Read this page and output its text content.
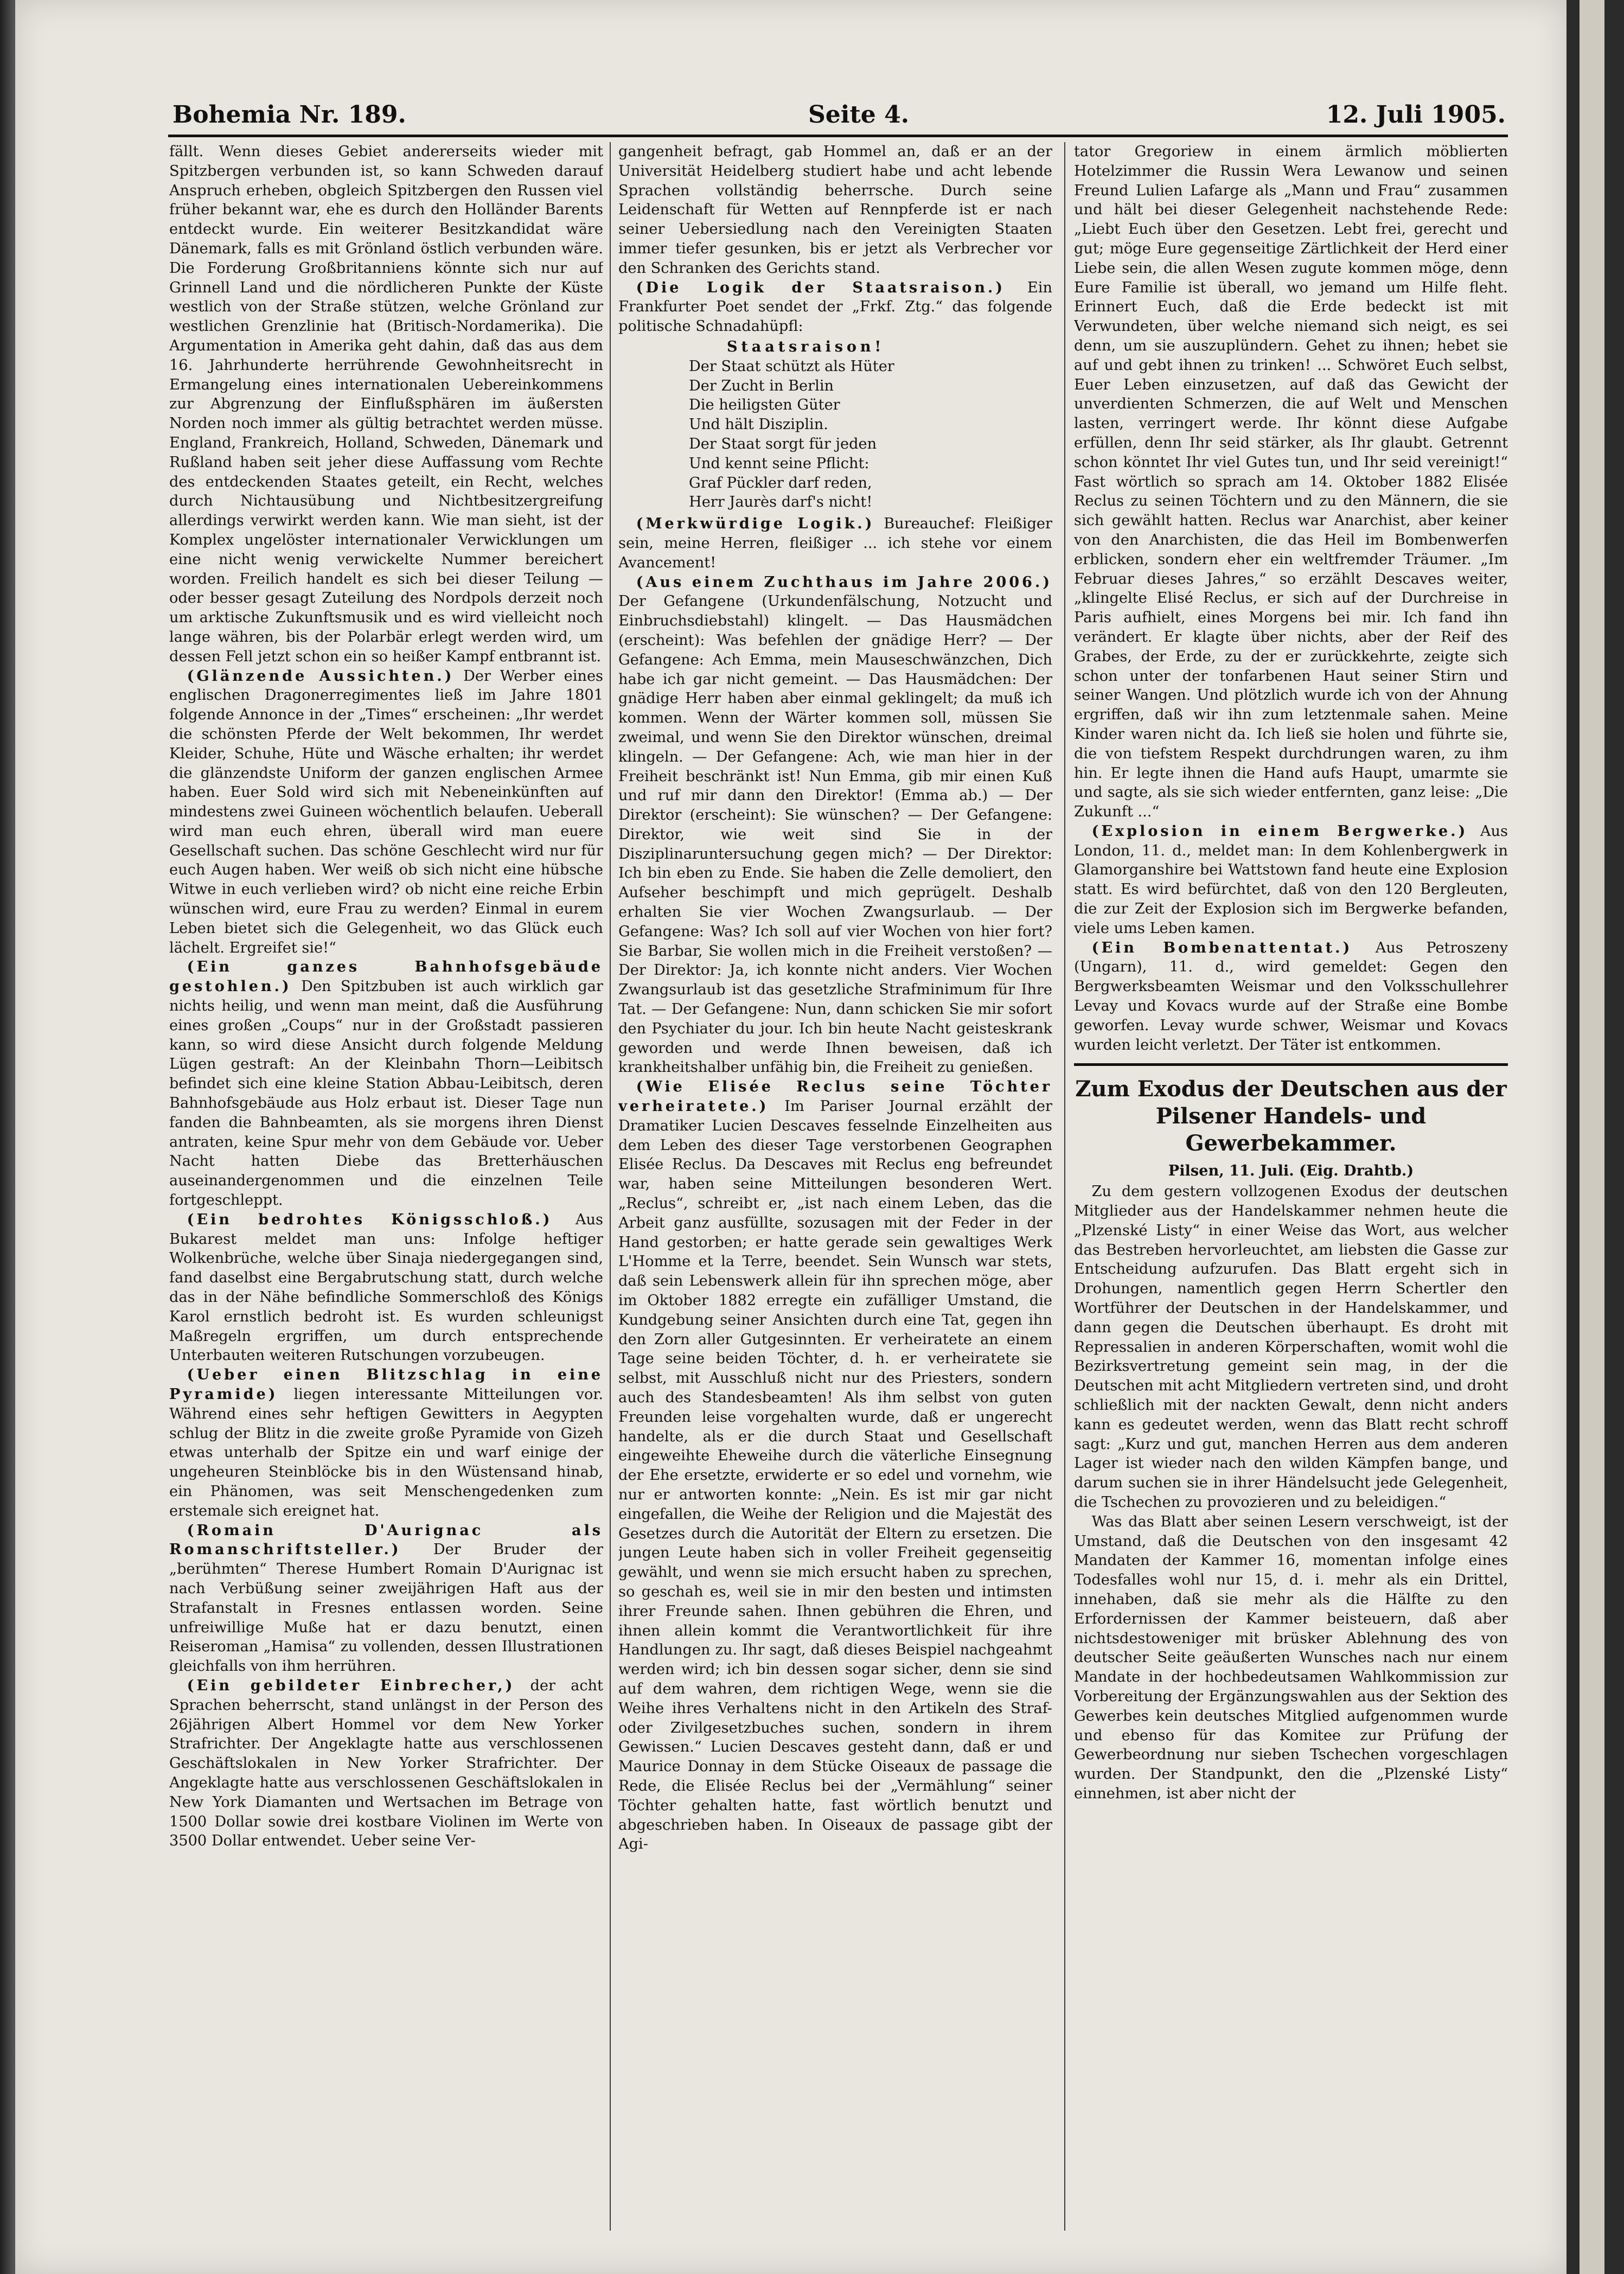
Bohemia Nr. 189.	Seite 4.	12. Juli 1905.

fällt. Wenn dieses Gebiet andererseits wieder mit Spitzbergen verbunden ist, so kann Schweden darauf Anspruch erheben, obgleich Spitzbergen den Russen viel früher bekannt war, ehe es durch den Holländer Barents entdeckt wurde. Ein weiterer Besitzkandidat wäre Dänemark, falls es mit Grönland östlich verbunden wäre. Die Forderung Großbritanniens könnte sich nur auf Grinnell Land und die nördlicheren Punkte der Küste westlich von der Straße stützen, welche Grönland zur westlichen Grenzlinie hat (Britisch-Nordamerika). Die Argumentation in Amerika geht dahin, daß das aus dem 16. Jahrhunderte herrührende Gewohnheitsrecht in Ermangelung eines internationalen Uebereinkommens zur Abgrenzung der Einflußsphären im äußersten Norden noch immer als gültig betrachtet werden müsse. England, Frankreich, Holland, Schweden, Dänemark und Rußland haben seit jeher diese Auffassung vom Rechte des entdeckenden Staates geteilt, ein Recht, welches durch Nichtausübung und Nichtbesitzergreifung allerdings verwirkt werden kann. Wie man sieht, ist der Komplex ungelöster internationaler Verwicklungen um eine nicht wenig verwickelte Nummer bereichert worden. Freilich handelt es sich bei dieser Teilung — oder besser gesagt Zuteilung des Nordpols derzeit noch um arktische Zukunftsmusik und es wird vielleicht noch lange währen, bis der Polarbär erlegt werden wird, um dessen Fell jetzt schon ein so heißer Kampf entbrannt ist.

(Glänzende Aussichten.) Der Werber eines englischen Dragonerregimentes ließ im Jahre 1801 folgende Annonce in der „Times“ erscheinen: „Ihr werdet die schönsten Pferde der Welt bekommen, Ihr werdet Kleider, Schuhe, Hüte und Wäsche erhalten; ihr werdet die glänzendste Uniform der ganzen englischen Armee haben. Euer Sold wird sich mit Nebeneinkünften auf mindestens zwei Guineen wöchentlich belaufen. Ueberall wird man euch ehren, überall wird man euere Gesellschaft suchen. Das schöne Geschlecht wird nur für euch Augen haben. Wer weiß ob sich nicht eine hübsche Witwe in euch verlieben wird? ob nicht eine reiche Erbin wünschen wird, eure Frau zu werden? Einmal in eurem Leben bietet sich die Gelegenheit, wo das Glück euch lächelt. Ergreifet sie!“

(Ein ganzes Bahnhofsgebäude gestohlen.) Den Spitzbuben ist auch wirklich gar nichts heilig, und wenn man meint, daß die Ausführung eines großen „Coups“ nur in der Großstadt passieren kann, so wird diese Ansicht durch folgende Meldung Lügen gestraft: An der Kleinbahn Thorn—Leibitsch befindet sich eine kleine Station Abbau-Leibitsch, deren Bahnhofsgebäude aus Holz erbaut ist. Dieser Tage nun fanden die Bahnbeamten, als sie morgens ihren Dienst antraten, keine Spur mehr von dem Gebäude vor. Ueber Nacht hatten Diebe das Bretterhäuschen auseinandergenommen und die einzelnen Teile fortgeschleppt.

(Ein bedrohtes Königsschloß.) Aus Bukarest meldet man uns: Infolge heftiger Wolkenbrüche, welche über Sinaja niedergegangen sind, fand daselbst eine Bergabrutschung statt, durch welche das in der Nähe befindliche Sommerschloß des Königs Karol ernstlich bedroht ist. Es wurden schleunigst Maßregeln ergriffen, um durch entsprechende Unterbauten weiteren Rutschungen vorzubeugen.

(Ueber einen Blitzschlag in eine Pyramide) liegen interessante Mitteilungen vor. Während eines sehr heftigen Gewitters in Aegypten schlug der Blitz in die zweite große Pyramide von Gizeh etwas unterhalb der Spitze ein und warf einige der ungeheuren Steinblöcke bis in den Wüstensand hinab, ein Phänomen, was seit Menschengedenken zum erstemale sich ereignet hat.

(Romain D'Aurignac als Romanschriftsteller.) Der Bruder der „berühmten“ Therese Humbert Romain D'Aurignac ist nach Verbüßung seiner zweijährigen Haft aus der Strafanstalt in Fresnes entlassen worden. Seine unfreiwillige Muße hat er dazu benutzt, einen Reiseroman „Hamisa“ zu vollenden, dessen Illustrationen gleichfalls von ihm herrühren.

(Ein gebildeter Einbrecher,) der acht Sprachen beherrscht, stand unlängst in der Person des 26jährigen Albert Hommel vor dem New Yorker Strafrichter. Der Angeklagte hatte aus verschlossenen Geschäftslokalen in New Yorker Strafrichter. Der Angeklagte hatte aus verschlossenen Geschäftslokalen in New York Diamanten und Wertsachen im Betrage von 1500 Dollar sowie drei kostbare Violinen im Werte von 3500 Dollar entwendet. Ueber seine Ver-

gangenheit befragt, gab Hommel an, daß er an der Universität Heidelberg studiert habe und acht lebende Sprachen vollständig beherrsche. Durch seine Leidenschaft für Wetten auf Rennpferde ist er nach seiner Uebersiedlung nach den Vereinigten Staaten immer tiefer gesunken, bis er jetzt als Verbrecher vor den Schranken des Gerichts stand.

(Die Logik der Staatsraison.) Ein Frankfurter Poet sendet der „Frkf. Ztg.“ das folgende politische Schnadahüpfl:

Staatsraison!
Der Staat schützt als Hüter
Der Zucht in Berlin
Die heiligsten Güter
Und hält Disziplin.
Der Staat sorgt für jeden
Und kennt seine Pflicht:
Graf Pückler darf reden,
Herr Jaurès darf's nicht!

(Merkwürdige Logik.) Bureauchef: Fleißiger sein, meine Herren, fleißiger ... ich stehe vor einem Avancement!

(Aus einem Zuchthaus im Jahre 2006.) Der Gefangene (Urkundenfälschung, Notzucht und Einbruchsdiebstahl) klingelt. — Das Hausmädchen (erscheint): Was befehlen der gnädige Herr? — Der Gefangene: Ach Emma, mein Mauseschwänzchen, Dich habe ich gar nicht gemeint. — Das Hausmädchen: Der gnädige Herr haben aber einmal geklingelt; da muß ich kommen. Wenn der Wärter kommen soll, müssen Sie zweimal, und wenn Sie den Direktor wünschen, dreimal klingeln. — Der Gefangene: Ach, wie man hier in der Freiheit beschränkt ist! Nun Emma, gib mir einen Kuß und ruf mir dann den Direktor! (Emma ab.) — Der Direktor (erscheint): Sie wünschen? — Der Gefangene: Direktor, wie weit sind Sie in der Disziplinaruntersuchung gegen mich? — Der Direktor: Ich bin eben zu Ende. Sie haben die Zelle demoliert, den Aufseher beschimpft und mich geprügelt. Deshalb erhalten Sie vier Wochen Zwangsurlaub. — Der Gefangene: Was? Ich soll auf vier Wochen von hier fort? Sie Barbar, Sie wollen mich in die Freiheit verstoßen? — Der Direktor: Ja, ich konnte nicht anders. Vier Wochen Zwangsurlaub ist das gesetzliche Strafminimum für Ihre Tat. — Der Gefangene: Nun, dann schicken Sie mir sofort den Psychiater du jour. Ich bin heute Nacht geisteskrank geworden und werde Ihnen beweisen, daß ich krankheitshalber unfähig bin, die Freiheit zu genießen.

(Wie Elisée Reclus seine Töchter verheiratete.) Im Pariser Journal erzählt der Dramatiker Lucien Descaves fesselnde Einzelheiten aus dem Leben des dieser Tage verstorbenen Geographen Elisée Reclus. Da Descaves mit Reclus eng befreundet war, haben seine Mitteilungen besonderen Wert. „Reclus“, schreibt er, „ist nach einem Leben, das die Arbeit ganz ausfüllte, sozusagen mit der Feder in der Hand gestorben; er hatte gerade sein gewaltiges Werk L'Homme et la Terre, beendet. Sein Wunsch war stets, daß sein Lebenswerk allein für ihn sprechen möge, aber im Oktober 1882 erregte ein zufälliger Umstand, die Kundgebung seiner Ansichten durch eine Tat, gegen ihn den Zorn aller Gutgesinnten. Er verheiratete an einem Tage seine beiden Töchter, d. h. er verheiratete sie selbst, mit Ausschluß nicht nur des Priesters, sondern auch des Standesbeamten! Als ihm selbst von guten Freunden leise vorgehalten wurde, daß er ungerecht handelte, als er die durch Staat und Gesellschaft eingeweihte Eheweihe durch die väterliche Einsegnung der Ehe ersetzte, erwiderte er so edel und vornehm, wie nur er antworten konnte: „Nein. Es ist mir gar nicht eingefallen, die Weihe der Religion und die Majestät des Gesetzes durch die Autorität der Eltern zu ersetzen. Die jungen Leute haben sich in voller Freiheit gegenseitig gewählt, und wenn sie mich ersucht haben zu sprechen, so geschah es, weil sie in mir den besten und intimsten ihrer Freunde sahen. Ihnen gebühren die Ehren, und ihnen allein kommt die Verantwortlichkeit für ihre Handlungen zu. Ihr sagt, daß dieses Beispiel nachgeahmt werden wird; ich bin dessen sogar sicher, denn sie sind auf dem wahren, dem richtigen Wege, wenn sie die Weihe ihres Verhaltens nicht in den Artikeln des Straf- oder Zivilgesetzbuches suchen, sondern in ihrem Gewissen.“ Lucien Descaves gesteht dann, daß er und Maurice Donnay in dem Stücke Oiseaux de passage die Rede, die Elisée Reclus bei der „Vermählung“ seiner Töchter gehalten hatte, fast wörtlich benutzt und abgeschrieben haben. In Oiseaux de passage gibt der Agi-

tator Gregoriew in einem ärmlich möblierten Hotelzimmer die Russin Wera Lewanow und seinen Freund Lulien Lafarge als „Mann und Frau“ zusammen und hält bei dieser Gelegenheit nachstehende Rede: „Liebt Euch über den Gesetzen. Lebt frei, gerecht und gut; möge Eure gegenseitige Zärtlichkeit der Herd einer Liebe sein, die allen Wesen zugute kommen möge, denn Eure Familie ist überall, wo jemand um Hilfe fleht. Erinnert Euch, daß die Erde bedeckt ist mit Verwundeten, über welche niemand sich neigt, es sei denn, um sie auszuplündern. Gehet zu ihnen; hebet sie auf und gebt ihnen zu trinken! ... Schwöret Euch selbst, Euer Leben einzusetzen, auf daß das Gewicht der unverdienten Schmerzen, die auf Welt und Menschen lasten, verringert werde. Ihr könnt diese Aufgabe erfüllen, denn Ihr seid stärker, als Ihr glaubt. Getrennt schon könntet Ihr viel Gutes tun, und Ihr seid vereinigt!“ Fast wörtlich so sprach am 14. Oktober 1882 Elisée Reclus zu seinen Töchtern und zu den Männern, die sie sich gewählt hatten. Reclus war Anarchist, aber keiner von den Anarchisten, die das Heil im Bombenwerfen erblicken, sondern eher ein weltfremder Träumer. „Im Februar dieses Jahres,“ so erzählt Descaves weiter, „klingelte Elisé Reclus, er sich auf der Durchreise in Paris aufhielt, eines Morgens bei mir. Ich fand ihn verändert. Er klagte über nichts, aber der Reif des Grabes, der Erde, zu der er zurückkehrte, zeigte sich schon unter der tonfarbenen Haut seiner Stirn und seiner Wangen. Und plötzlich wurde ich von der Ahnung ergriffen, daß wir ihn zum letztenmale sahen. Meine Kinder waren nicht da. Ich ließ sie holen und führte sie, die von tiefstem Respekt durchdrungen waren, zu ihm hin. Er legte ihnen die Hand aufs Haupt, umarmte sie und sagte, als sie sich wieder entfernten, ganz leise: „Die Zukunft ...“

(Explosion in einem Bergwerke.) Aus London, 11. d., meldet man: In dem Kohlenbergwerk in Glamorganshire bei Wattstown fand heute eine Explosion statt. Es wird befürchtet, daß von den 120 Bergleuten, die zur Zeit der Explosion sich im Bergwerke befanden, viele ums Leben kamen.

(Ein Bombenattentat.) Aus Petroszeny (Ungarn), 11. d., wird gemeldet: Gegen den Bergwerksbeamten Weismar und den Volksschullehrer Levay und Kovacs wurde auf der Straße eine Bombe geworfen. Levay wurde schwer, Weismar und Kovacs wurden leicht verletzt. Der Täter ist entkommen.

Zum Exodus der Deutschen aus der Pilsener Handels- und Gewerbekammer.
Pilsen, 11. Juli. (Eig. Drahtb.)

Zu dem gestern vollzogenen Exodus der deutschen Mitglieder aus der Handelskammer nehmen heute die „Plzenské Listy“ in einer Weise das Wort, aus welcher das Bestreben hervorleuchtet, am liebsten die Gasse zur Entscheidung aufzurufen. Das Blatt ergeht sich in Drohungen, namentlich gegen Herrn Schertler den Wortführer der Deutschen in der Handelskammer, und dann gegen die Deutschen überhaupt. Es droht mit Repressalien in anderen Körperschaften, womit wohl die Bezirksvertretung gemeint sein mag, in der die Deutschen mit acht Mitgliedern vertreten sind, und droht schließlich mit der nackten Gewalt, denn nicht anders kann es gedeutet werden, wenn das Blatt recht schroff sagt: „Kurz und gut, manchen Herren aus dem anderen Lager ist wieder nach den wilden Kämpfen bange, und darum suchen sie in ihrer Händelsucht jede Gelegenheit, die Tschechen zu provozieren und zu beleidigen.“

Was das Blatt aber seinen Lesern verschweigt, ist der Umstand, daß die Deutschen von den insgesamt 42 Mandaten der Kammer 16, momentan infolge eines Todesfalles wohl nur 15, d. i. mehr als ein Drittel, innehaben, daß sie mehr als die Hälfte zu den Erfordernissen der Kammer beisteuern, daß aber nichtsdestoweniger mit brüsker Ablehnung des von deutscher Seite geäußerten Wunsches nach nur einem Mandate in der hochbedeutsamen Wahlkommission zur Vorbereitung der Ergänzungswahlen aus der Sektion des Gewerbes kein deutsches Mitglied aufgenommen wurde und ebenso für das Komitee zur Prüfung der Gewerbeordnung nur sieben Tschechen vorgeschlagen wurden. Der Standpunkt, den die „Plzenské Listy“ einnehmen, ist aber nicht der
